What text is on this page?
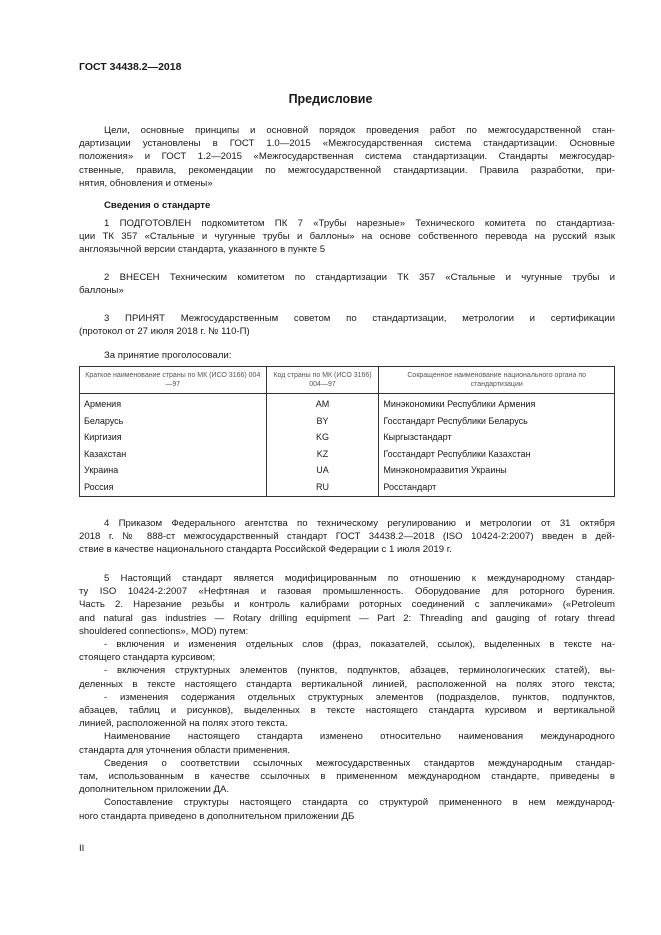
ГОСТ 34438.2—2018
Предисловие
Цели, основные принципы и основной порядок проведения работ по межгосударственной стан-
дартизации установлены в ГОСТ 1.0—2015 «Межгосударственная система стандартизации. Основные
положения» и ГОСТ 1.2—2015 «Межгосударственная система стандартизации. Стандарты межгосудар-
ственные, правила, рекомендации по межгосударственной стандартизации. Правила разработки, при-
нятия, обновления и отмены»
Сведения о стандарте
1 ПОДГОТОВЛЕН подкомитетом ПК 7 «Трубы нарезные» Технического комитета по стандартиза-
ции ТК 357 «Стальные и чугунные трубы и баллоны» на основе собственного перевода на русский язык
англоязычной версии стандарта, указанного в пункте 5
2 ВНЕСЕН Техническим комитетом по стандартизации ТК 357 «Стальные и чугунные трубы и
баллоны»
3 ПРИНЯТ Межгосударственным советом по стандартизации, метрологии и сертификации
(протокол от 27 июля 2018 г. № 110-П)
За принятие проголосовали:
Краткое наименование страны по МК (ИСО 3166) 004—97	Код страны по МК (ИСО 3166) 004—97	Сокращенное наименование национального органа по стандартизации
Армения	AM	Минэкономики Республики Армения
Беларусь	BY	Госстандарт Республики Беларусь
Киргизия	KG	Кыргызстандарт
Казахстан	KZ	Госстандарт Республики Казахстан
Украина	UA	Минэкономразвития Украины
Россия	RU	Росстандарт
4 Приказом Федерального агентства по техническому регулированию и метрологии от 31 октября
2018 г. № 888-ст межгосударственный стандарт ГОСТ 34438.2—2018 (ISO 10424-2:2007) введен в дей-
ствие в качестве национального стандарта Российской Федерации с 1 июля 2019 г.
5 Настоящий стандарт является модифицированным по отношению к международному стандар-
ту ISO 10424-2:2007 «Нефтяная и газовая промышленность. Оборудование для роторного бурения.
Часть 2. Нарезание резьбы и контроль калибрами роторных соединений с заплечиками» («Petroleum
and natural gas industries — Rotary drilling equipment — Part 2: Threading and gauging of rotary thread
shouldered connections», MOD) путем:
- включения и изменения отдельных слов (фраз, показателей, ссылок), выделенных в тексте на-
стоящего стандарта курсивом;
- включения структурных элементов (пунктов, подпунктов, абзацев, терминологических статей), вы-
деленных в тексте настоящего стандарта вертикальной линией, расположенной на полях этого текста;
- изменения содержания отдельных структурных элементов (подразделов, пунктов, подпунктов,
абзацев, таблиц и рисунков), выделенных в тексте настоящего стандарта курсивом и вертикальной
линией, расположенной на полях этого текста.
Наименование настоящего стандарта изменено относительно наименования международного
стандарта для уточнения области применения.
Сведения о соответствии ссылочных межгосударственных стандартов международным стандар-
там, использованным в качестве ссылочных в примененном международном стандарте, приведены в
дополнительном приложении ДА.
Сопоставление структуры настоящего стандарта со структурой примененного в нем международ-
ного стандарта приведено в дополнительном приложении ДБ
II
